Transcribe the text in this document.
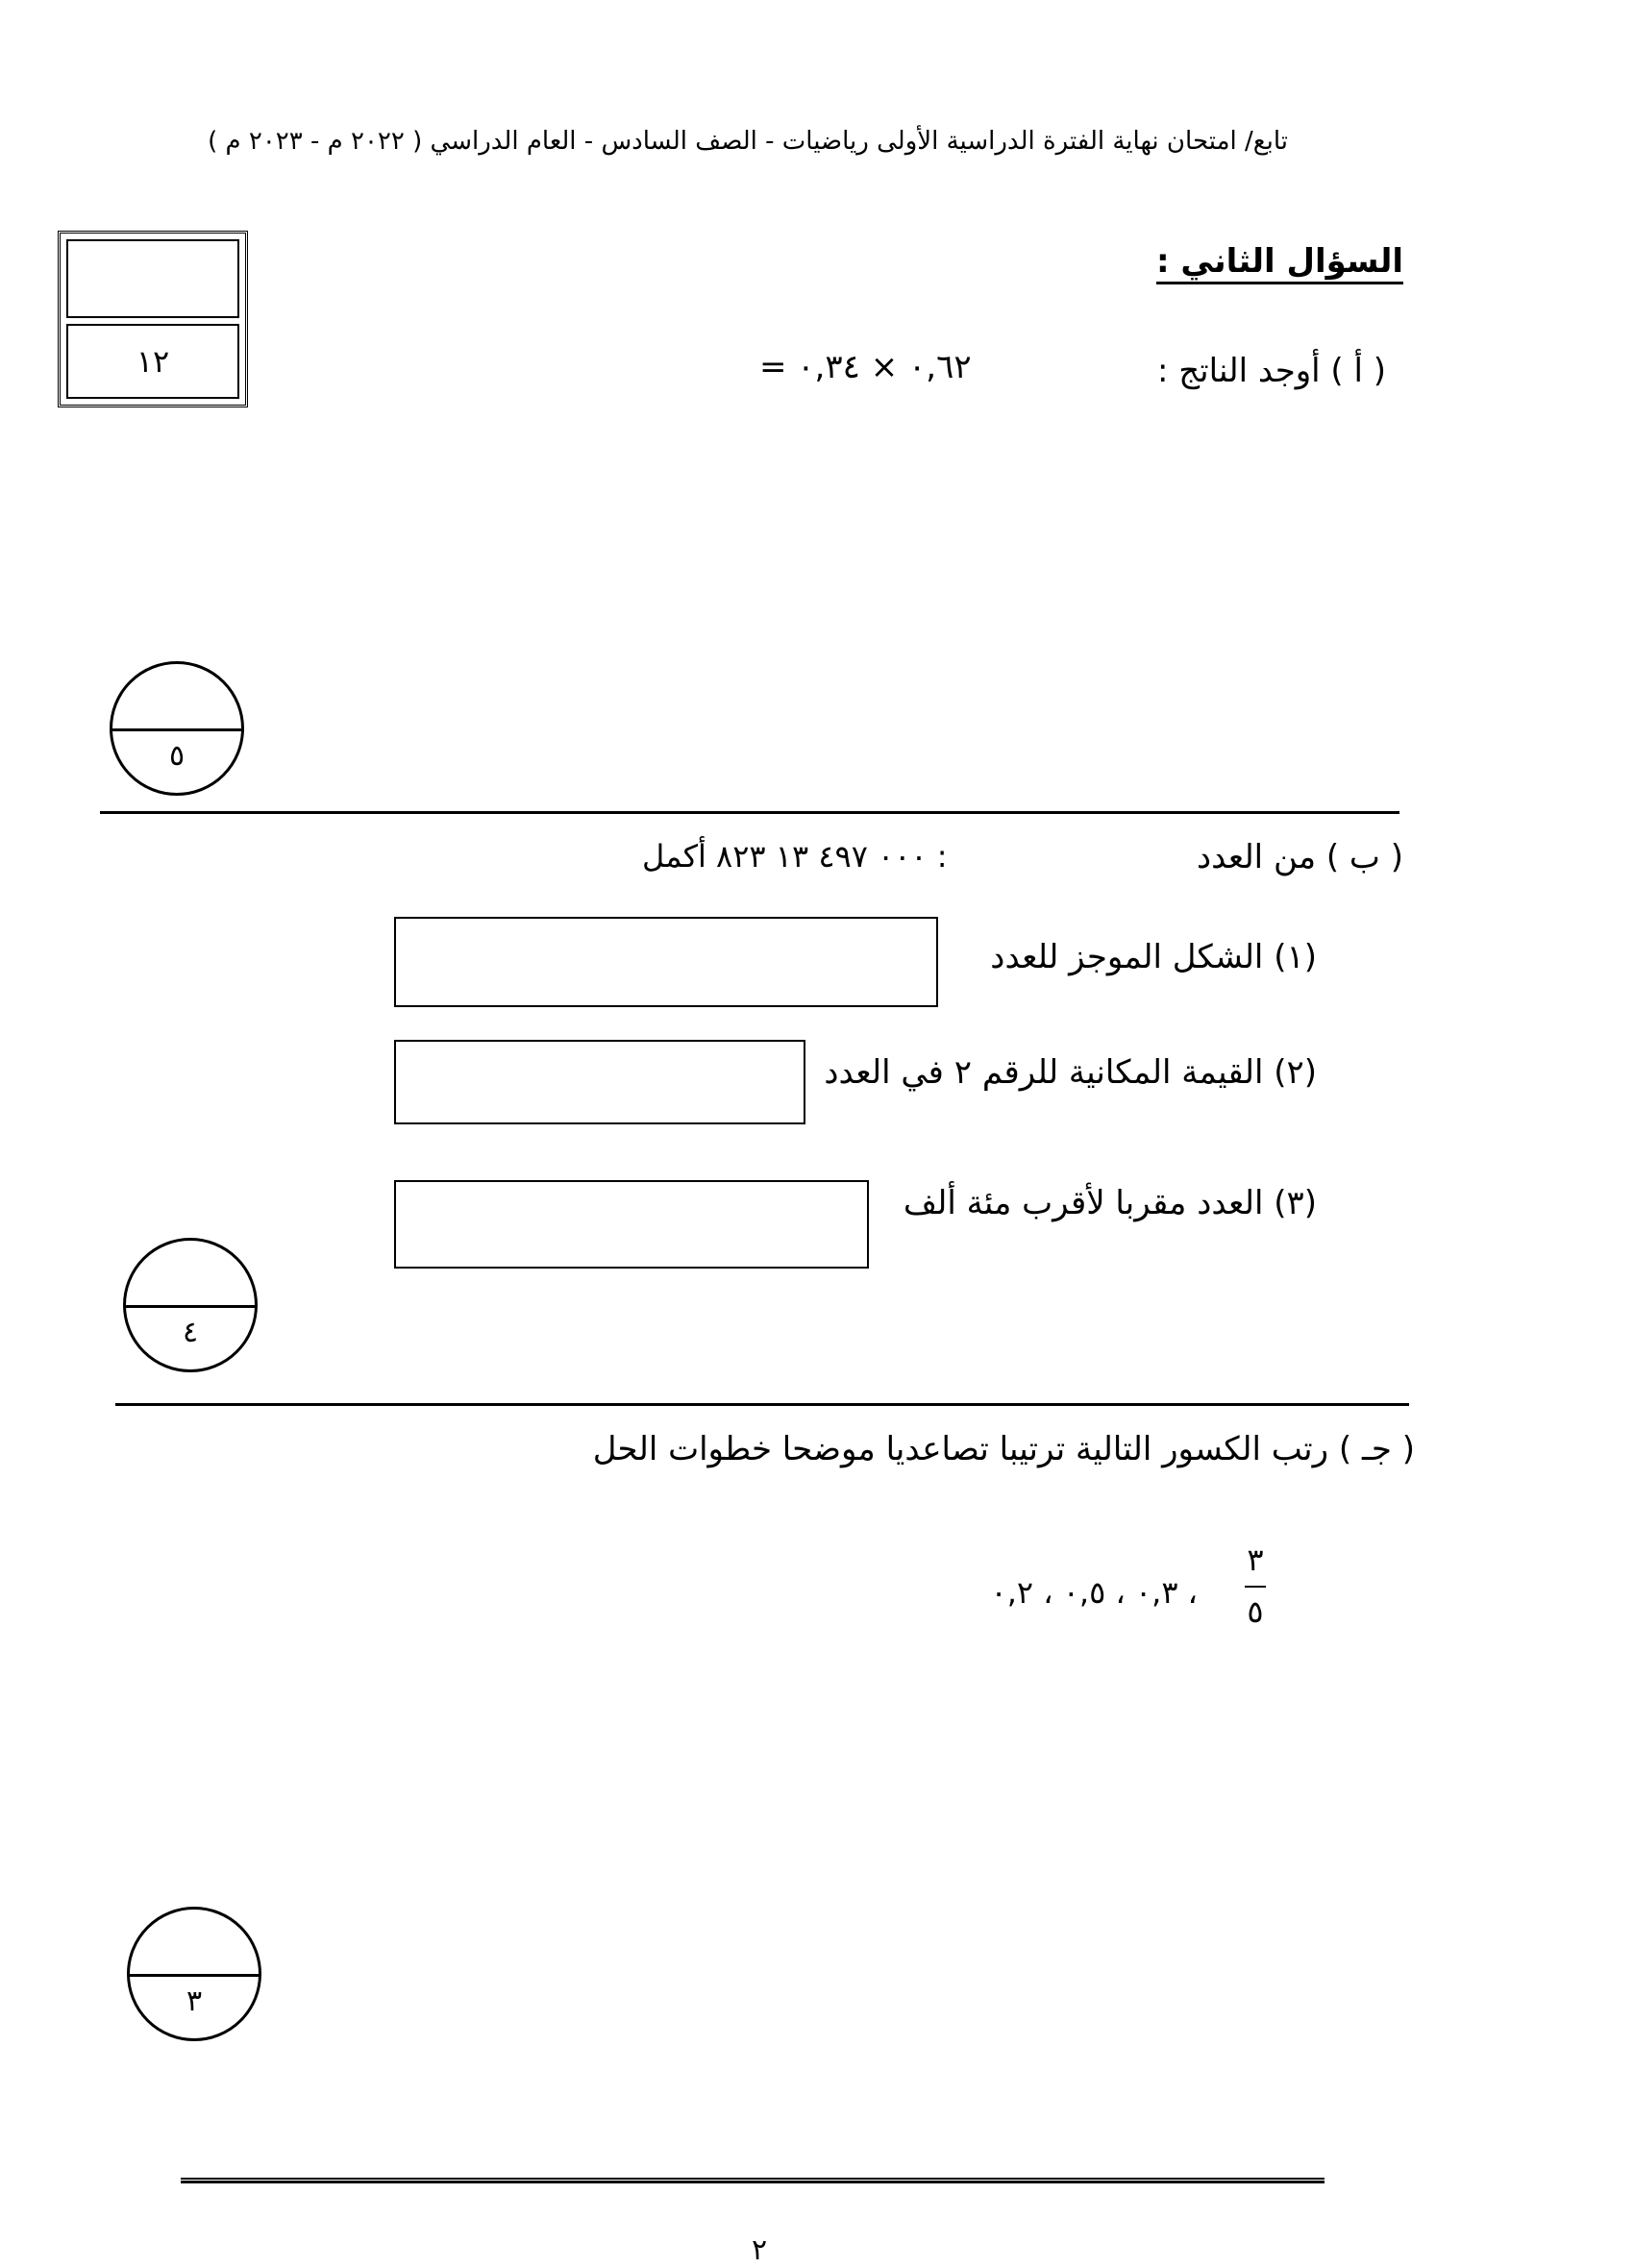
تابع/ امتحان نهاية الفترة الدراسية الأولى رياضيات - الصف السادس - العام الدراسي ( ٢٠٢٢ م - ٢٠٢٣ م )
١٢
السؤال الثاني :
( أ ) أوجد الناتج :
٠,٦٢ × ٠,٣٤ =
٥
( ب ) من العدد
٠٠٠ ٤٩٧ ١٣ ٨٢٣ أكمل :
(١) الشكل الموجز للعدد
(٢) القيمة المكانية للرقم ٢ في العدد
(٣) العدد مقربا لأقرب مئة ألف
٤
( جـ ) رتب الكسور التالية ترتيبا تصاعديا موضحا خطوات الحل
٣
٥
٠,٣ ، ٠,٥ ، ٠,٢ ،
٣
٢
